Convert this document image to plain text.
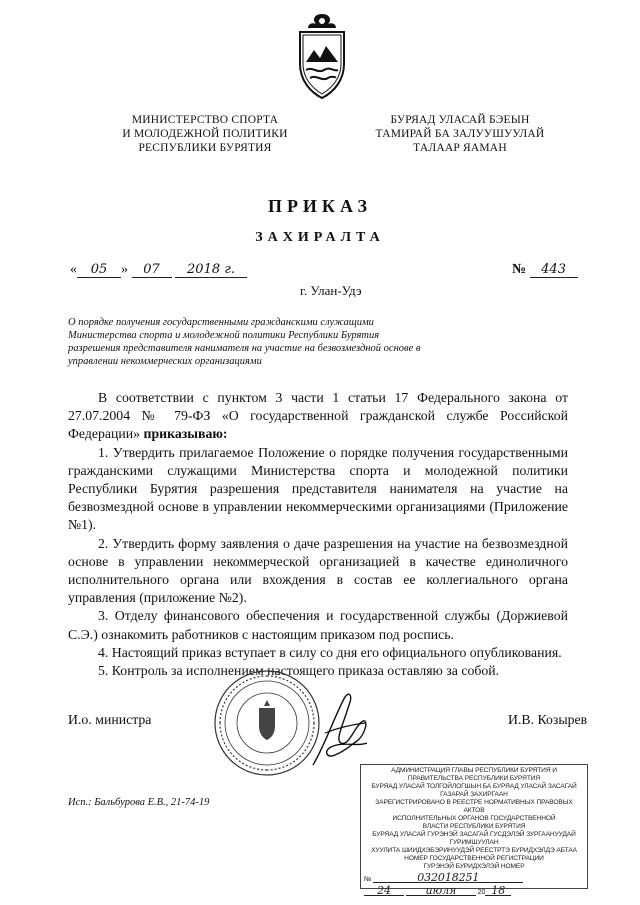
МИНИСТЕРСТВО СПОРТА
И МОЛОДЕЖНОЙ ПОЛИТИКИ
РЕСПУБЛИКИ БУРЯТИЯ
БУРЯАД УЛАСАЙ БЭЕЫН
ТАМИРАЙ БА ЗАЛУУШУУЛАЙ
ТАЛААР ЯАМАН
ПРИКАЗ
ЗАХИРАЛТА
« 05 » 07 2018 г.	№ 443
г. Улан-Удэ
О порядке получения государственными гражданскими служащими Министерства спорта и молодежной политики Республики Бурятия разрешения представителя нанимателя на участие на безвозмездной основе в управлении некоммерческих организациями

В соответствии с пунктом 3 части 1 статьи 17 Федерального закона от 27.07.2004 № 79-ФЗ «О государственной гражданской службе Российской Федерации» приказываю:

1. Утвердить прилагаемое Положение о порядке получения государственными гражданскими служащими Министерства спорта и молодежной политики Республики Бурятия разрешения представителя нанимателя на участие на безвозмездной основе в управлении некоммерческими организациями (Приложение №1).

2. Утвердить форму заявления о даче разрешения на участие на безвозмездной основе в управлении некоммерческой организацией в качестве единоличного исполнительного органа или вхождения в состав ее коллегиального органа управления (приложение №2).

3. Отделу финансового обеспечения и государственной службы (Доржиевой С.Э.) ознакомить работников с настоящим приказом под роспись.

4. Настоящий приказ вступает в силу со дня его официального опубликования.

5. Контроль за исполнением настоящего приказа оставляю за собой.

И.о. министра	И.В. Козырев
Исп.: Бальбурова Е.В., 21-74-19
АДМИНИСТРАЦИЯ ГЛАВЫ РЕСПУБЛИКИ БУРЯТИЯ И ПРАВИТЕЛЬСТВА РЕСПУБЛИКИ БУРЯТИЯ
БУРЯАД УЛАСАЙ ТОЛГОЙЛОГШЫН БА БУРЯАД УЛАСАЙ ЗАСАГАЙ ГАЗАРАЙ ЗАХИРГААН
ЗАРЕГИСТРИРОВАНО В РЕЕСТРЕ НОРМАТИВНЫХ ПРАВОВЫХ АКТОВ
ИСПОЛНИТЕЛЬНЫХ ОРГАНОВ ГОСУДАРСТВЕННОЙ
ВЛАСТИ РЕСПУБЛИКИ БУРЯТИЯ
БУРЯАД УЛАСАЙ ГУРЭНЭЙ ЗАСАГАЙ ГУСДЭЛЭЙ ЗУРГААНУУДАЙ ГУРИМШУУЛАН
ХУУЛИТА ШИИДХЭБЭРИНУУДЭЙ РЕЕСТРТЭ БУРИДХЭЛДЭ АБТАА
НОМЕР ГОСУДАРСТВЕННОЙ РЕГИСТРАЦИИ
ГУРЭНЭЙ БУРИДХЭЛЭЙ НОМЕР
№	032018251
24	июля	20 18
